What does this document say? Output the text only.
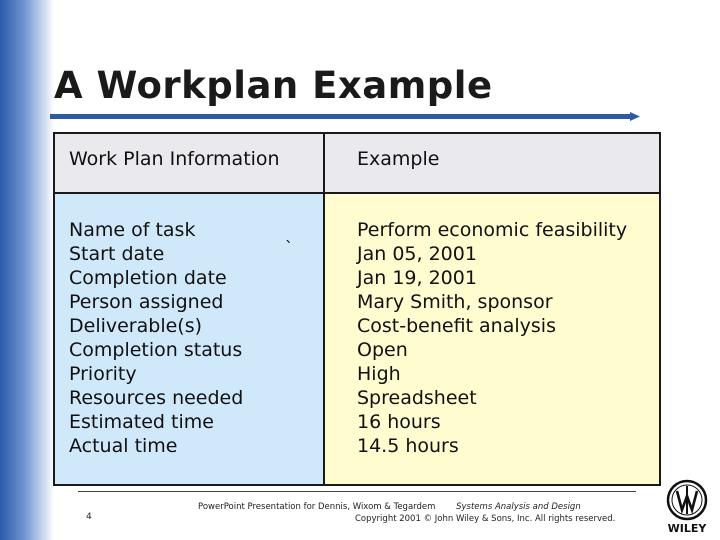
A Workplan Example
Work Plan Information	Example
Name of task
Start date
Completion date
Person assigned
Deliverable(s)
Completion status
Priority
Resources needed
Estimated time
Actual time
`
Perform economic feasibility
Jan 05, 2001
Jan 19, 2001
Mary Smith, sponsor
Cost-benefit analysis
Open
High
Spreadsheet
16 hours
14.5 hours
4
PowerPoint Presentation for Dennis, Wixom & Tegardem Systems Analysis and Design
Copyright 2001 © John Wiley & Sons, Inc. All rights reserved.
WILEY
